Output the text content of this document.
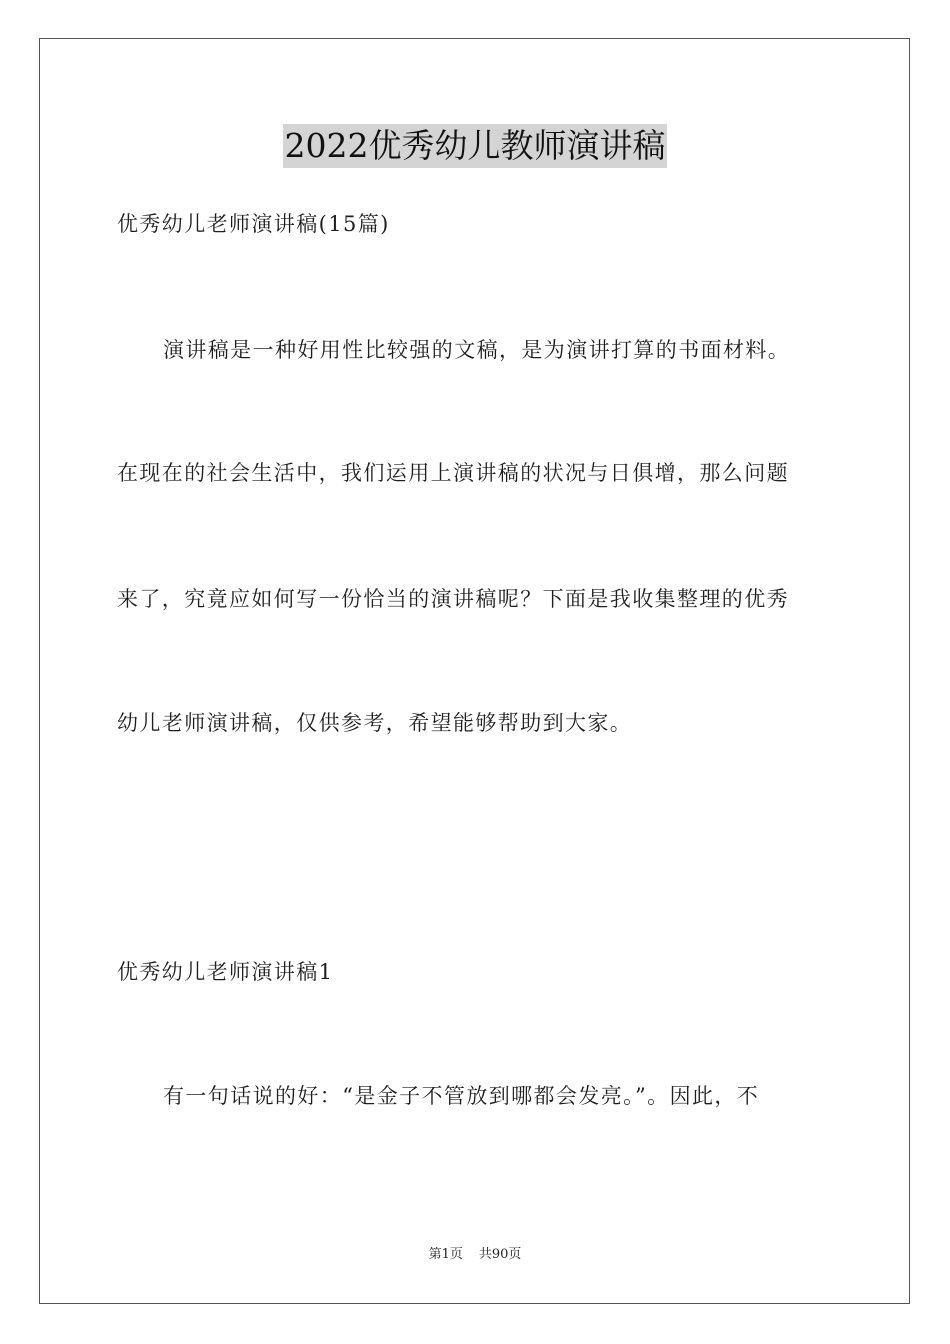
2022优秀幼儿教师演讲稿
优秀幼儿老师演讲稿(15篇)
演讲稿是一种好用性比较强的文稿，是为演讲打算的书面材料。
在现在的社会生活中，我们运用上演讲稿的状况与日俱增，那么问题
来了，究竟应如何写一份恰当的演讲稿呢？下面是我收集整理的优秀
幼儿老师演讲稿，仅供参考，希望能够帮助到大家。
优秀幼儿老师演讲稿1
有一句话说的好：“是金子不管放到哪都会发亮。”。因此，不
第1页 共90页
